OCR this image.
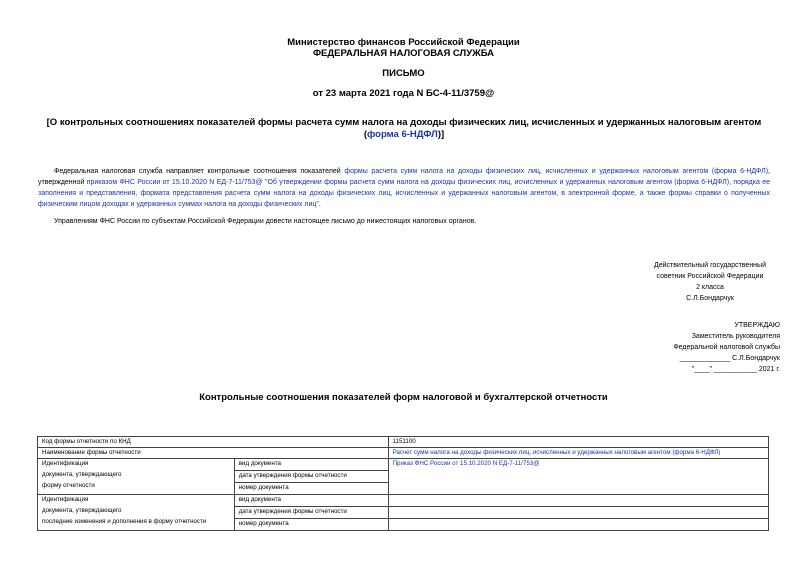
Министерство финансов Российской Федерации
ФЕДЕРАЛЬНАЯ НАЛОГОВАЯ СЛУЖБА
ПИСЬМО
от 23 марта 2021 года N БС-4-11/3759@
[О контрольных соотношениях показателей формы расчета сумм налога на доходы физических лиц, исчисленных и удержанных налоговым агентом (форма 6-НДФЛ)]
Федеральная налоговая служба направляет контрольные соотношения показателей формы расчета сумм налога на доходы физических лиц, исчисленных и удержанных налоговым агентом (форма 6-НДФЛ), утвержденной приказом ФНС России от 15.10.2020 N ЕД-7-11/753@ "Об утверждении формы расчета сумм налога на доходы физических лиц, исчисленных и удержанных налоговым агентом (форма 6-НДФЛ), порядка ее заполнения и представления, формата представления расчета сумм налога на доходы физических лиц, исчисленных и удержанных налоговым агентом, в электронной форме, а также формы справки о полученных физическим лицом доходах и удержанных суммах налога на доходы физических лиц".
Управлениям ФНС России по субъектам Российской Федерации довести настоящее письмо до нижестоящих налоговых органов.
Действительный государственный
советник Российской Федерации
2 класса
С.Л.Бондарчук
УТВЕРЖДАЮ
Заместитель руководителя
Федеральной налоговой службы
_____________ С.Л.Бондарчук
"____" ___________ 2021 г.
Контрольные соотношения показателей форм налоговой и бухгалтерской отчетности
Код формы отчетности по КНД		1151100
Наименование формы отчетности		Расчет сумм налога на доходы физических лиц, исчисленных и удержанных налоговым агентом (форма 6-НДФЛ)

Идентификация
документа, утверждающего
форму отчетности	вид документа	Приказ ФНС России от 15.10.2020 N ЕД-7-11/753@
	дата утверждения формы отчетности	
	номер документа	

Идентификация
документа, утверждающего
последние изменения и дополнения в форму отчетности	вид документа	
	дата утверждения формы отчетности	
	номер документа	
